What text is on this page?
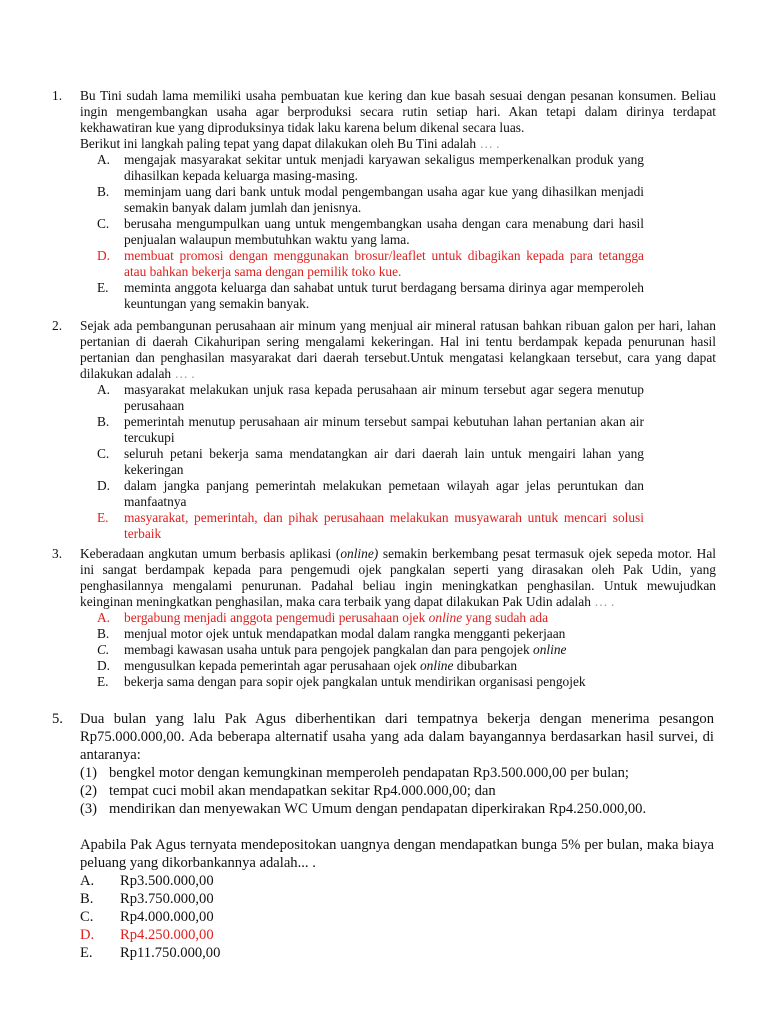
1. Bu Tini sudah lama memiliki usaha pembuatan kue kering dan kue basah sesuai dengan pesanan konsumen. Beliau ingin mengembangkan usaha agar berproduksi secara rutin setiap hari. Akan tetapi dalam dirinya terdapat kekhawatiran kue yang diproduksinya tidak laku karena belum dikenal secara luas.
Berikut ini langkah paling tepat yang dapat dilakukan oleh Bu Tini adalah … .
A. mengajak masyarakat sekitar untuk menjadi karyawan sekaligus memperkenalkan produk yang dihasilkan kepada keluarga masing-masing.
B. meminjam uang dari bank untuk modal pengembangan usaha agar kue yang dihasilkan menjadi semakin banyak dalam jumlah dan jenisnya.
C. berusaha mengumpulkan uang untuk mengembangkan usaha dengan cara menabung dari hasil penjualan walaupun membutuhkan waktu yang lama.
D. membuat promosi dengan menggunakan brosur/leaflet untuk dibagikan kepada para tetangga atau bahkan bekerja sama dengan pemilik toko kue.
E. meminta anggota keluarga dan sahabat untuk turut berdagang bersama dirinya agar memperoleh keuntungan yang semakin banyak.
2. Sejak ada pembangunan perusahaan air minum yang menjual air mineral ratusan bahkan ribuan galon per hari, lahan pertanian di daerah Cikahuripan sering mengalami kekeringan. Hal ini tentu berdampak kepada penurunan hasil pertanian dan penghasilan masyarakat dari daerah tersebut.Untuk mengatasi kelangkaan tersebut, cara yang dapat dilakukan adalah … .
A. masyarakat melakukan unjuk rasa kepada perusahaan air minum tersebut agar segera menutup perusahaan
B. pemerintah menutup perusahaan air minum tersebut sampai kebutuhan lahan pertanian akan air tercukupi
C. seluruh petani bekerja sama mendatangkan air dari daerah lain untuk mengairi lahan yang kekeringan
D. dalam jangka panjang pemerintah melakukan pemetaan wilayah agar jelas peruntukan dan manfaatnya
E. masyarakat, pemerintah, dan pihak perusahaan melakukan musyawarah untuk mencari solusi terbaik
3. Keberadaan angkutan umum berbasis aplikasi (online) semakin berkembang pesat termasuk ojek sepeda motor. Hal ini sangat berdampak kepada para pengemudi ojek pangkalan seperti yang dirasakan oleh Pak Udin, yang penghasilannya mengalami penurunan. Padahal beliau ingin meningkatkan penghasilan. Untuk mewujudkan keinginan meningkatkan penghasilan, maka cara terbaik yang dapat dilakukan Pak Udin adalah … .
A. bergabung menjadi anggota pengemudi perusahaan ojek online yang sudah ada
B. menjual motor ojek untuk mendapatkan modal dalam rangka mengganti pekerjaan
C. membagi kawasan usaha untuk para pengojek pangkalan dan para pengojek online
D. mengusulkan kepada pemerintah agar perusahaan ojek online dibubarkan
E. bekerja sama dengan para sopir ojek pangkalan untuk mendirikan organisasi pengojek
5. Dua bulan yang lalu Pak Agus diberhentikan dari tempatnya bekerja dengan menerima pesangon Rp75.000.000,00. Ada beberapa alternatif usaha yang ada dalam bayangannya berdasarkan hasil survei, di antaranya:
(1) bengkel motor dengan kemungkinan memperoleh pendapatan Rp3.500.000,00 per bulan;
(2) tempat cuci mobil akan mendapatkan sekitar Rp4.000.000,00; dan
(3) mendirikan dan menyewakan WC Umum dengan pendapatan diperkirakan Rp4.250.000,00.
Apabila Pak Agus ternyata mendepositokan uangnya dengan mendapatkan bunga 5% per bulan, maka biaya peluang yang dikorbankannya adalah... .
A. Rp3.500.000,00
B. Rp3.750.000,00
C. Rp4.000.000,00
D. Rp4.250.000,00
E. Rp11.750.000,00
